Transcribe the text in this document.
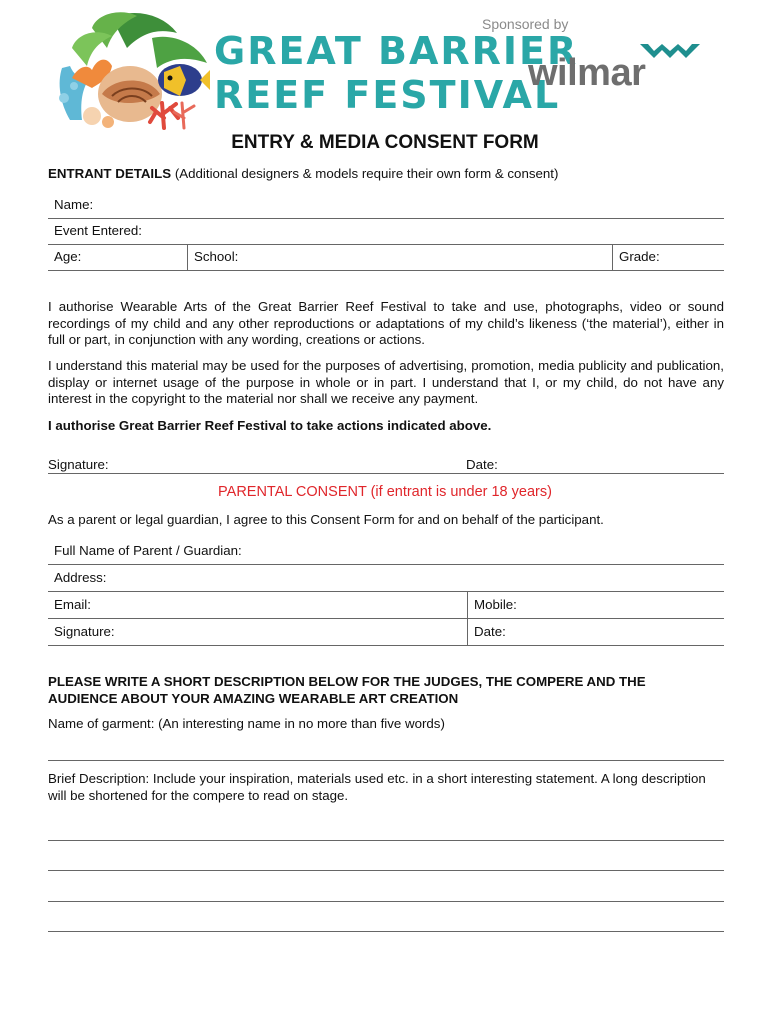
GREAT BARRIER
REEF FESTIVAL
Sponsored by
wilmar
ENTRY & MEDIA CONSENT FORM
ENTRANT DETAILS (Additional designers & models require their own form & consent)
Name:
Event Entered:
Age:	School:	Grade:
I authorise Wearable Arts of the Great Barrier Reef Festival to take and use, photographs, video or sound recordings of my child and any other reproductions or adaptations of my child’s likeness (‘the material’), either in full or part, in conjunction with any wording, creations or actions.
I understand this material may be used for the purposes of advertising, promotion, media publicity and publication, display or internet usage of the purpose in whole or in part. I understand that I, or my child, do not have any interest in the copyright to the material nor shall we receive any payment.
I authorise Great Barrier Reef Festival to take actions indicated above.
Signature:	Date:
PARENTAL CONSENT (if entrant is under 18 years)
As a parent or legal guardian, I agree to this Consent Form for and on behalf of the participant.
Full Name of Parent / Guardian:
Address:
Email:	Mobile:
Signature:	Date:
PLEASE WRITE A SHORT DESCRIPTION BELOW FOR THE JUDGES, THE COMPERE AND THE
AUDIENCE ABOUT YOUR AMAZING WEARABLE ART CREATION
Name of garment: (An interesting name in no more than five words)
Brief Description: Include your inspiration, materials used etc. in a short interesting statement. A long description will be shortened for the compere to read on stage.
